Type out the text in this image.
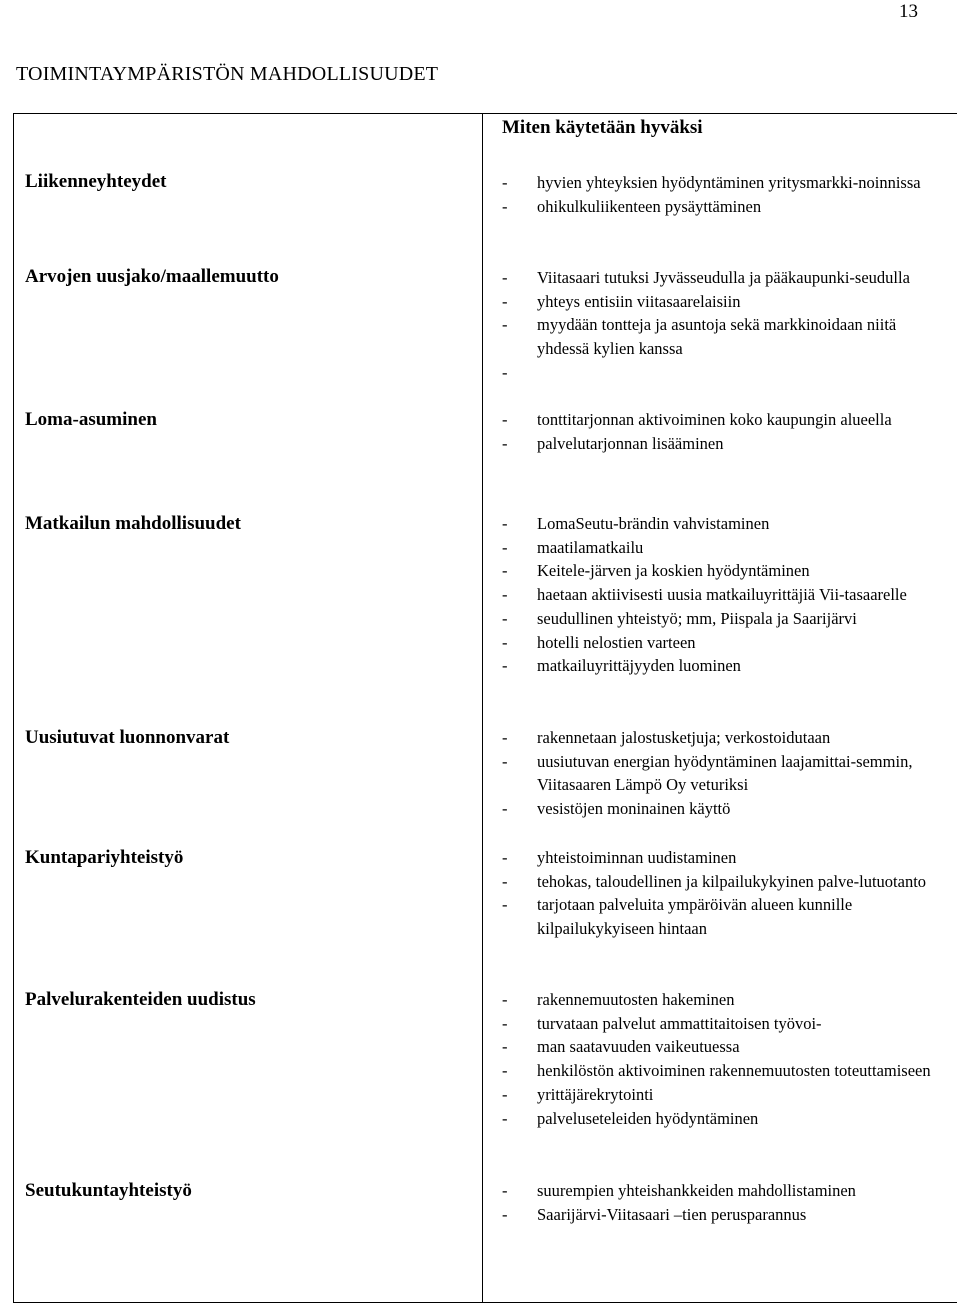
13
TOIMINTAYMPÄRISTÖN MAHDOLLISUUDET
Miten käytetään hyväksi
Liikenneyhteydet	- hyvien yhteyksien hyödyntäminen yritysmarkki-noinnissa
- ohikulkuliikenteen pysäyttäminen
Arvojen uusjako/maallemuutto	- Viitasaari tutuksi Jyvässeudulla ja pääkaupunki-seudulla
- yhteys entisiin viitasaarelaisiin
- myydään tontteja ja asuntoja sekä markkinoidaan niitä yhdessä kylien kanssa
-

Loma-asuminen	- tonttitarjonnan aktivoiminen koko kaupungin alueella
- palvelutarjonnan lisääminen
Matkailun mahdollisuudet	- LomaSeutu-brändin vahvistaminen
- maatilamatkailu
- Keitele-järven ja koskien hyödyntäminen
- haetaan aktiivisesti uusia matkailuyrittäjiä Vii-tasaarelle
- seudullinen yhteistyö; mm, Piispala ja Saarijärvi
- hotelli nelostien varteen
- matkailuyrittäjyyden luominen
Uusiutuvat luonnonvarat	- rakennetaan jalostusketjuja; verkostoidutaan
- uusiutuvan energian hyödyntäminen laajamittai-semmin, Viitasaaren Lämpö Oy veturiksi
- vesistöjen moninainen käyttö
Kuntapariyhteistyö	- yhteistoiminnan uudistaminen
- tehokas, taloudellinen ja kilpailukykyinen palve-lutuotanto
- tarjotaan palveluita ympäröivän alueen kunnille kilpailukykyiseen hintaan
Palvelurakenteiden uudistus	- rakennemuutosten hakeminen
- turvataan palvelut ammattitaitoisen työvoi-
- man saatavuuden vaikeutuessa
- henkilöstön aktivoiminen rakennemuutosten toteuttamiseen
- yrittäjärekrytointi
- palveluseteleiden hyödyntäminen
Seutukuntayhteistyö	- suurempien yhteishankkeiden mahdollistaminen
- Saarijärvi-Viitasaari –tien perusparannus
